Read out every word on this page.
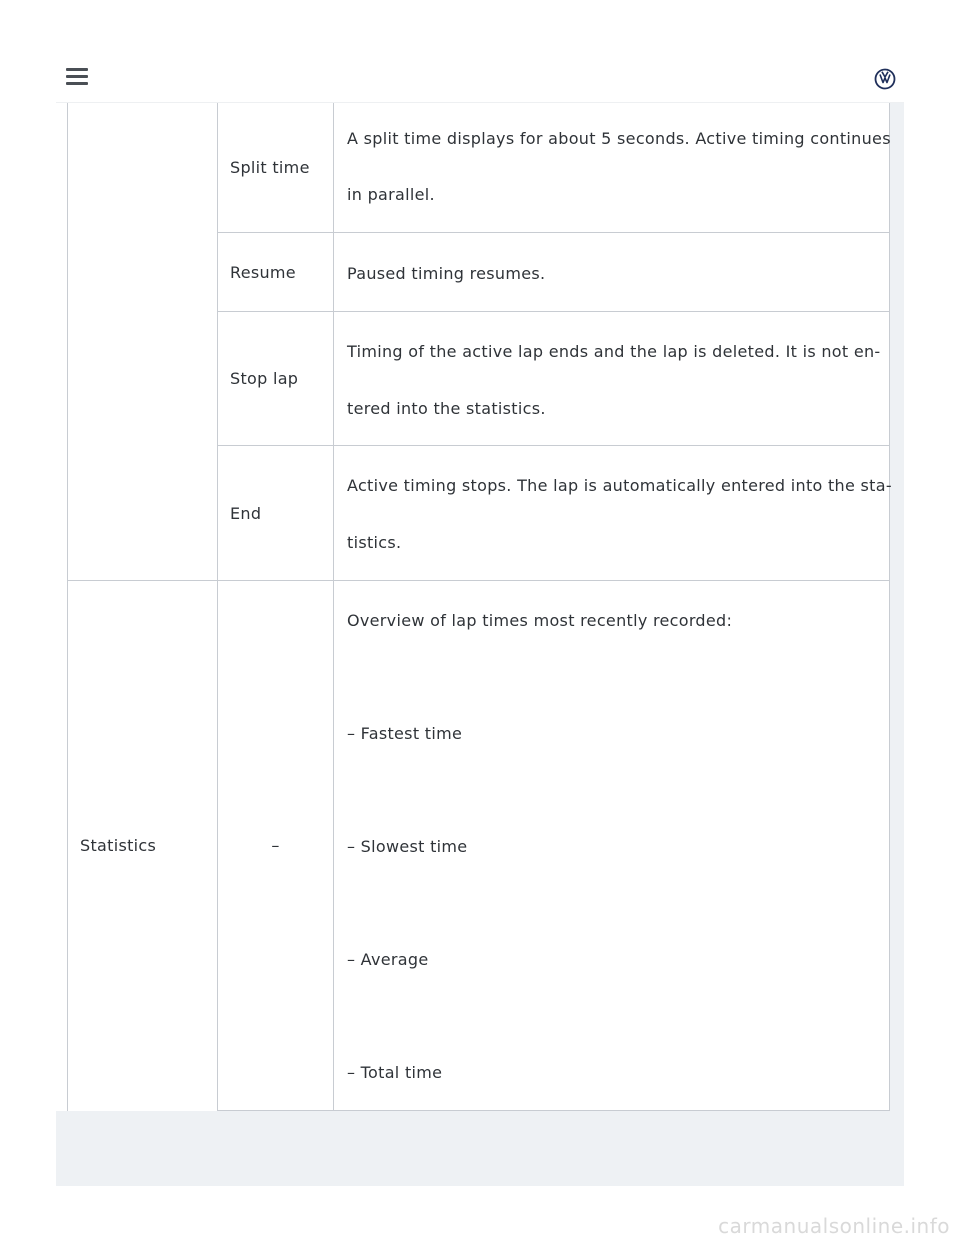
Split time
A split time displays for about 5 seconds. Active timing continues
in parallel.
Resume	Paused timing resumes.
Stop lap
Timing of the active lap ends and the lap is deleted. It is not en-
tered into the statistics.
End
Active timing stops. The lap is automatically entered into the sta-
tistics.
Statistics	–
Overview of lap times most recently recorded:
– Fastest time
– Slowest time
– Average
– Total time
carmanualsonline.info
